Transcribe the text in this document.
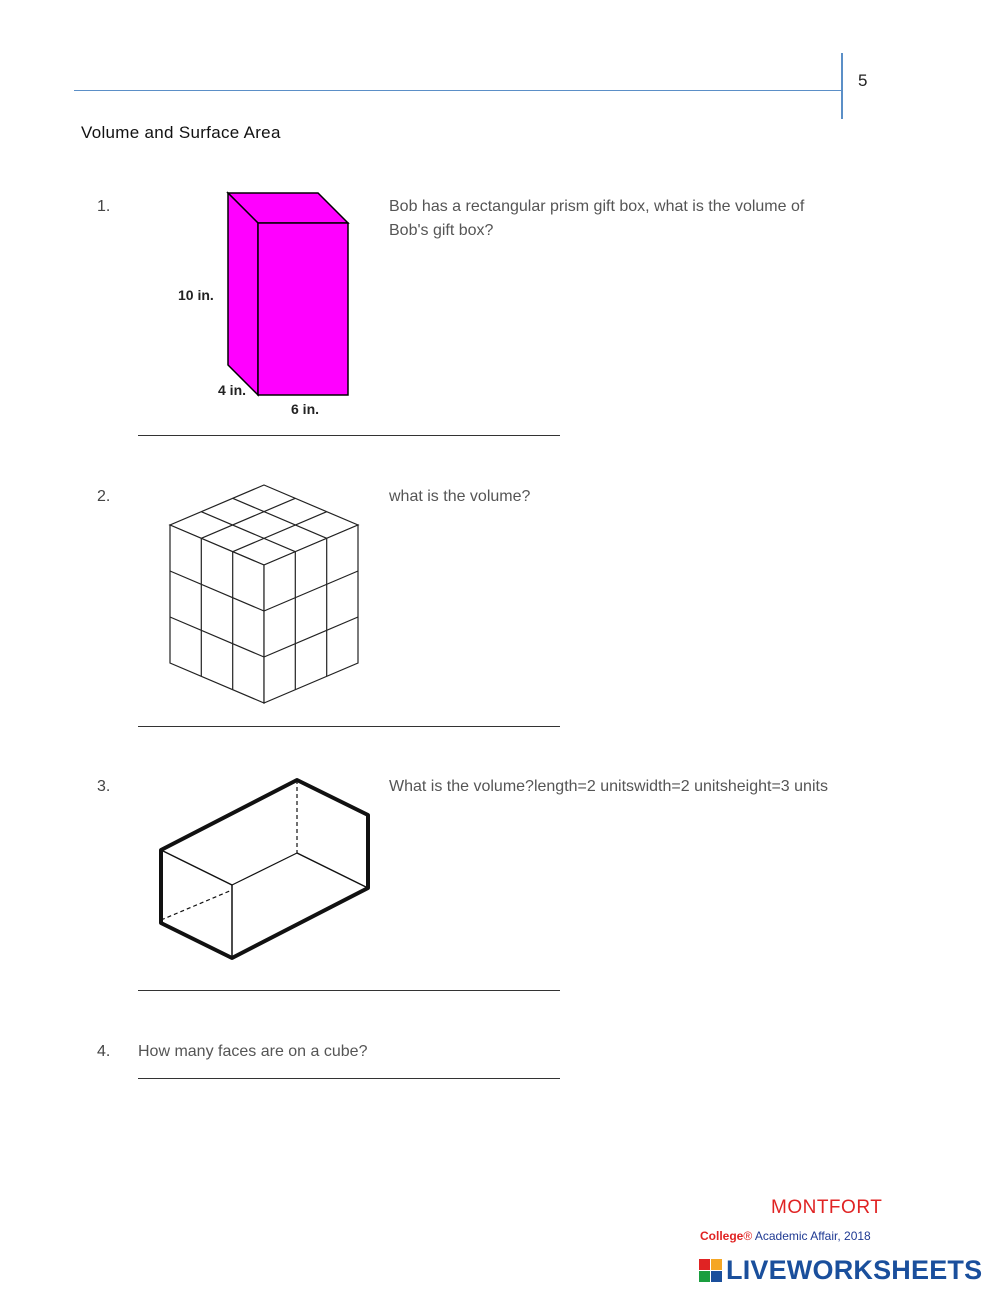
5
Volume and Surface Area
1.
10 in.
4 in.
6 in.
Bob has a rectangular prism gift box, what is the volume of Bob's gift box?
2.	what is the volume?
3.	What is the volume?length=2 unitswidth=2 unitsheight=3 units
4. How many faces are on a cube?
MONTFORT
College® Academic Affair, 2018
LIVEWORKSHEETS
